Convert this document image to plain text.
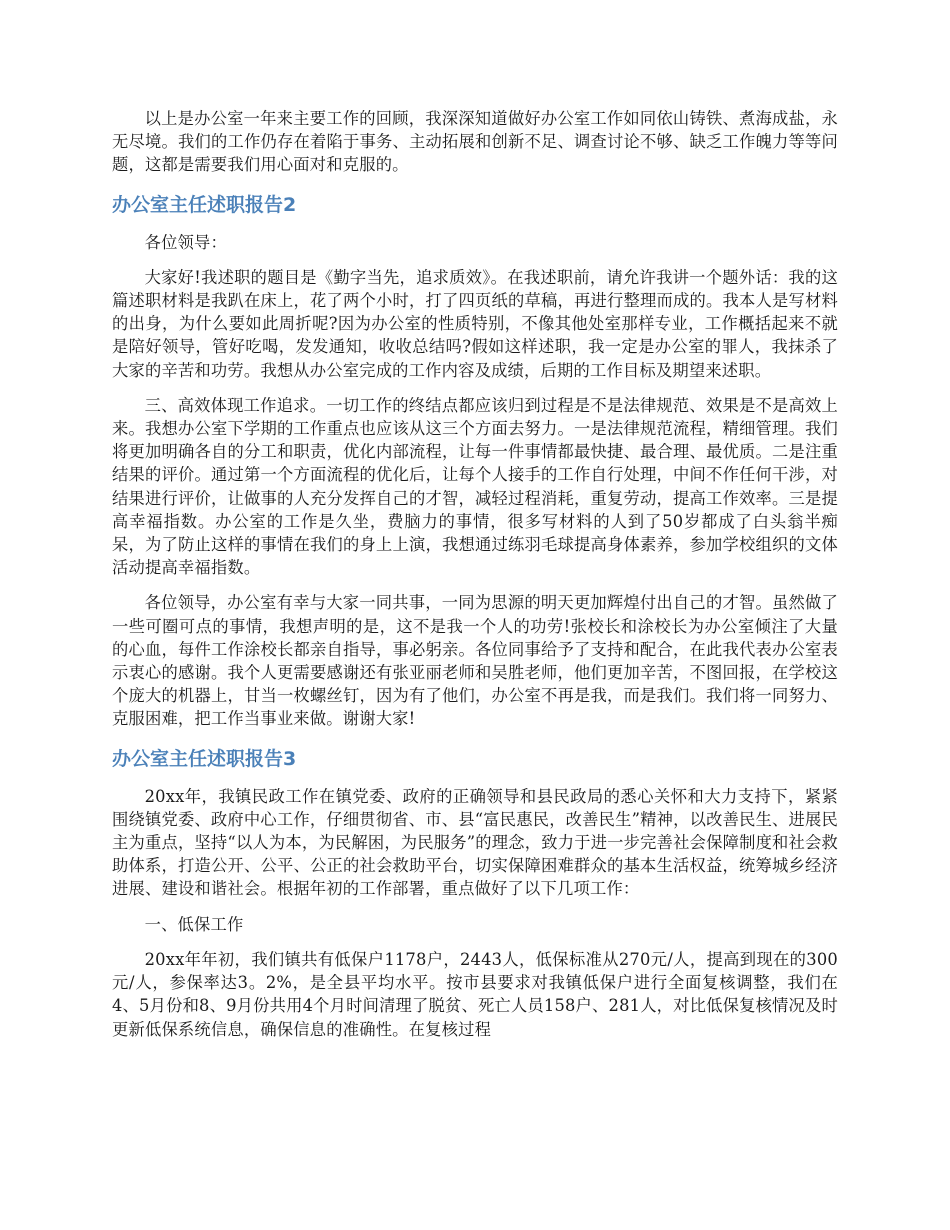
以上是办公室一年来主要工作的回顾，我深深知道做好办公室工作如同依山铸铁、煮海成盐，永无尽境。我们的工作仍存在着陷于事务、主动拓展和创新不足、调查讨论不够、缺乏工作魄力等等问题，这都是需要我们用心面对和克服的。

办公室主任述职报告2

各位领导：

大家好!我述职的题目是《勤字当先，追求质效》。在我述职前，请允许我讲一个题外话：我的这篇述职材料是我趴在床上，花了两个小时，打了四页纸的草稿，再进行整理而成的。我本人是写材料的出身，为什么要如此周折呢?因为办公室的性质特别，不像其他处室那样专业，工作概括起来不就是陪好领导，管好吃喝，发发通知，收收总结吗?假如这样述职，我一定是办公室的罪人，我抹杀了大家的辛苦和功劳。我想从办公室完成的工作内容及成绩，后期的工作目标及期望来述职。

三、高效体现工作追求。一切工作的终结点都应该归到过程是不是法律规范、效果是不是高效上来。我想办公室下学期的工作重点也应该从这三个方面去努力。一是法律规范流程，精细管理。我们将更加明确各自的分工和职责，优化内部流程，让每一件事情都最快捷、最合理、最优质。二是注重结果的评价。通过第一个方面流程的优化后，让每个人接手的工作自行处理，中间不作任何干涉，对结果进行评价，让做事的人充分发挥自己的才智，减轻过程消耗，重复劳动，提高工作效率。三是提高幸福指数。办公室的工作是久坐，费脑力的事情，很多写材料的人到了50岁都成了白头翁半痴呆，为了防止这样的事情在我们的身上上演，我想通过练羽毛球提高身体素养，参加学校组织的文体活动提高幸福指数。

各位领导，办公室有幸与大家一同共事，一同为思源的明天更加辉煌付出自己的才智。虽然做了一些可圈可点的事情，我想声明的是，这不是我一个人的功劳!张校长和涂校长为办公室倾注了大量的心血，每件工作涂校长都亲自指导，事必躬亲。各位同事给予了支持和配合，在此我代表办公室表示衷心的感谢。我个人更需要感谢还有张亚丽老师和吴胜老师，他们更加辛苦，不图回报，在学校这个庞大的机器上，甘当一枚螺丝钉，因为有了他们，办公室不再是我，而是我们。我们将一同努力、克服困难，把工作当事业来做。谢谢大家!

办公室主任述职报告3

20xx年，我镇民政工作在镇党委、政府的正确领导和县民政局的悉心关怀和大力支持下，紧紧围绕镇党委、政府中心工作，仔细贯彻省、市、县“富民惠民，改善民生”精神，以改善民生、进展民主为重点，坚持“以人为本，为民解困，为民服务”的理念，致力于进一步完善社会保障制度和社会救助体系，打造公开、公平、公正的社会救助平台，切实保障困难群众的基本生活权益，统筹城乡经济进展、建设和谐社会。根据年初的工作部署，重点做好了以下几项工作：

一、低保工作

20xx年年初，我们镇共有低保户1178户，2443人，低保标准从270元/人，提高到现在的300元/人，参保率达3。2%，是全县平均水平。按市县要求对我镇低保户进行全面复核调整，我们在4、5月份和8、9月份共用4个月时间清理了脱贫、死亡人员158户、281人，对比低保复核情况及时更新低保系统信息，确保信息的准确性。在复核过程
